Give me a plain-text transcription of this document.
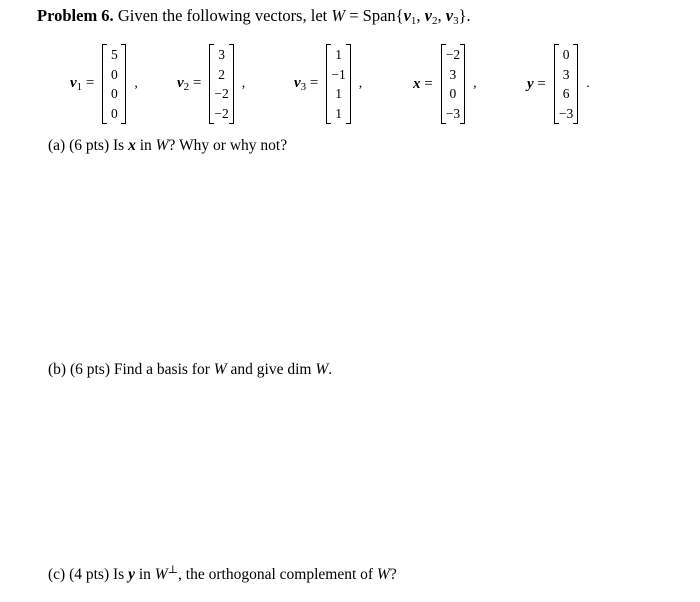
Problem 6. Given the following vectors, let $W = Span\{v_1$, $v_2$, $v_3$}.
$v_1$ =
5
0
0
0
,	$v_2$ =
3
2
−2
−2
,	$v_3$ =
1
−1
1
1
,	x =
−2
3
0
−3
,	y =
0
3
6
−3
.
(a) (6 pts) Is x in W? Why or why not?
(b) (6 pts) Find a basis for W and give dim W.
(c) (4 pts) Is y in W⊥, the orthogonal complement of W?
